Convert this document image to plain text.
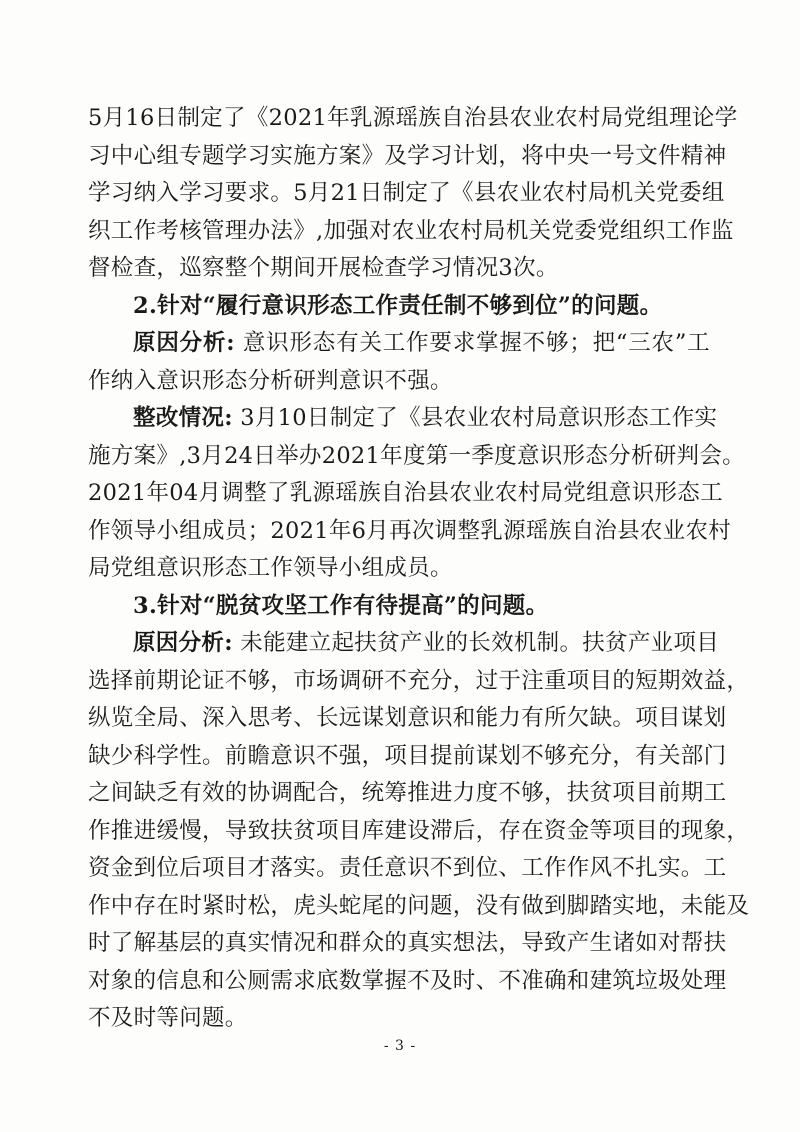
5月16日制定了《2021年乳源瑶族自治县农业农村局党组理论学
习中心组专题学习实施方案》及学习计划，将中央一号文件精神
学习纳入学习要求。5月21日制定了《县农业农村局机关党委组
织工作考核管理办法》,加强对农业农村局机关党委党组织工作监
督检查，巡察整个期间开展检查学习情况3次。
2.针对“履行意识形态工作责任制不够到位”的问题。
原因分析: 意识形态有关工作要求掌握不够；把“三农”工
作纳入意识形态分析研判意识不强。
整改情况: 3月10日制定了《县农业农村局意识形态工作实
施方案》,3月24日举办2021年度第一季度意识形态分析研判会。
2021年04月调整了乳源瑶族自治县农业农村局党组意识形态工
作领导小组成员；2021年6月再次调整乳源瑶族自治县农业农村
局党组意识形态工作领导小组成员。
3.针对“脱贫攻坚工作有待提高”的问题。
原因分析: 未能建立起扶贫产业的长效机制。扶贫产业项目
选择前期论证不够，市场调研不充分，过于注重项目的短期效益，
纵览全局、深入思考、长远谋划意识和能力有所欠缺。项目谋划
缺少科学性。前瞻意识不强，项目提前谋划不够充分，有关部门
之间缺乏有效的协调配合，统筹推进力度不够，扶贫项目前期工
作推进缓慢，导致扶贫项目库建设滞后，存在资金等项目的现象，
资金到位后项目才落实。责任意识不到位、工作作风不扎实。工
作中存在时紧时松，虎头蛇尾的问题，没有做到脚踏实地，未能及
时了解基层的真实情况和群众的真实想法，导致产生诸如对帮扶
对象的信息和公厕需求底数掌握不及时、不准确和建筑垃圾处理
不及时等问题。
- 3 -
